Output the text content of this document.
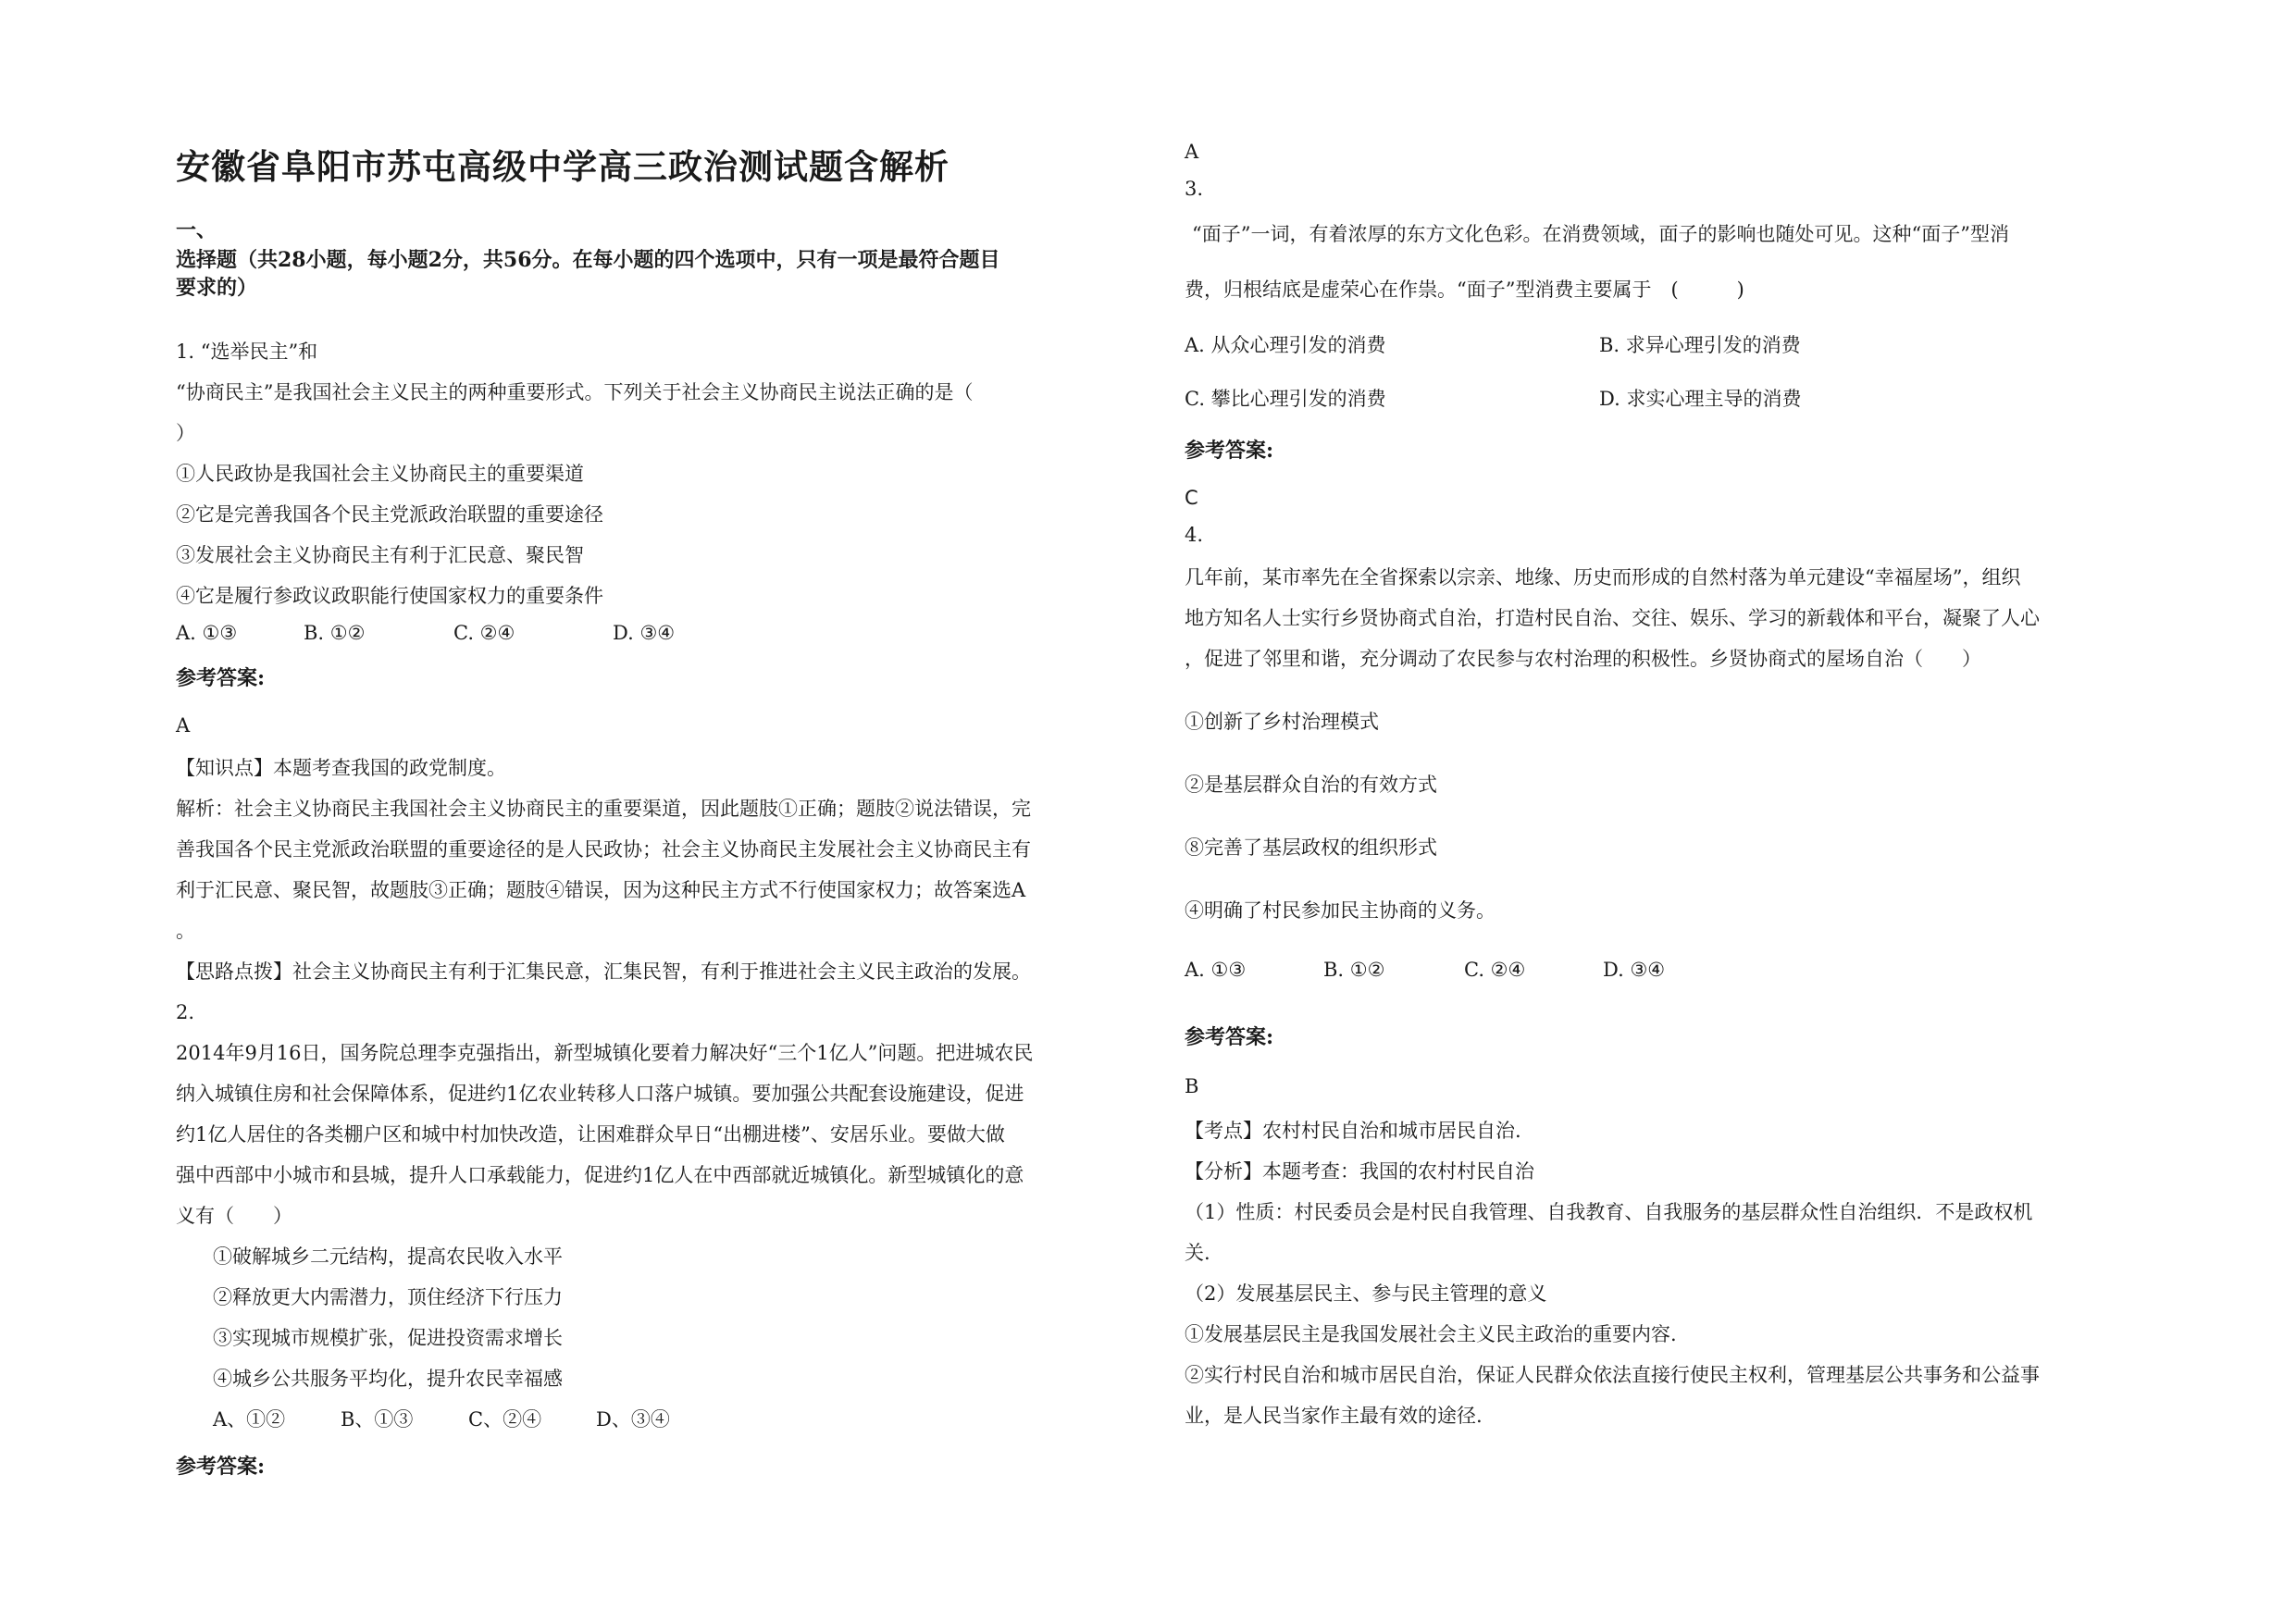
安徽省阜阳市苏屯高级中学高三政治测试题含解析
一、
选择题（共28小题，每小题2分，共56分。在每小题的四个选项中，只有一项是最符合题目
要求的）
1. “选举民主”和
“协商民主”是我国社会主义民主的两种重要形式。下列关于社会主义协商民主说法正确的是（
）
①人民政协是我国社会主义协商民主的重要渠道
②它是完善我国各个民主党派政治联盟的重要途径
③发展社会主义协商民主有利于汇民意、聚民智
④它是履行参政议政职能行使国家权力的重要条件
A. ①③	B. ①②	C. ②④	D. ③④
参考答案:
A
【知识点】本题考查我国的政党制度。
解析：社会主义协商民主我国社会主义协商民主的重要渠道，因此题肢①正确；题肢②说法错误，完
善我国各个民主党派政治联盟的重要途径的是人民政协；社会主义协商民主发展社会主义协商民主有
利于汇民意、聚民智，故题肢③正确；题肢④错误，因为这种民主方式不行使国家权力；故答案选A
。
【思路点拨】社会主义协商民主有利于汇集民意，汇集民智，有利于推进社会主义民主政治的发展。
2.
2014年9月16日，国务院总理李克强指出，新型城镇化要着力解决好“三个1亿人”问题。把进城农民
纳入城镇住房和社会保障体系，促进约1亿农业转移人口落户城镇。要加强公共配套设施建设，促进
约1亿人居住的各类棚户区和城中村加快改造，让困难群众早日“出棚进楼”、安居乐业。要做大做
强中西部中小城市和县城，提升人口承载能力，促进约1亿人在中西部就近城镇化。新型城镇化的意
义有（　　）
①破解城乡二元结构，提高农民收入水平
②释放更大内需潜力，顶住经济下行压力
③实现城市规模扩张，促进投资需求增长
④城乡公共服务平均化，提升农民幸福感
A、①②	B、①③	C、②④	D、③④
参考答案:
A
3.
“面子”一词，有着浓厚的东方文化色彩。在消费领域，面子的影响也随处可见。这种“面子”型消
费，归根结底是虚荣心在作祟。“面子”型消费主要属于　(　　　)
A. 从众心理引发的消费	B. 求异心理引发的消费
C. 攀比心理引发的消费	D. 求实心理主导的消费
参考答案:
C
4.
几年前，某市率先在全省探索以宗亲、地缘、历史而形成的自然村落为单元建设“幸福屋场”，组织
地方知名人士实行乡贤协商式自治，打造村民自治、交往、娱乐、学习的新载体和平台，凝聚了人心
，促进了邻里和谐，充分调动了农民参与农村治理的积极性。乡贤协商式的屋场自治（　　）
①创新了乡村治理模式
②是基层群众自治的有效方式
⑧完善了基层政权的组织形式
④明确了村民参加民主协商的义务。
A. ①③	B. ①②	C. ②④	D. ③④
参考答案:
B
【考点】农村村民自治和城市居民自治.
【分析】本题考查：我国的农村村民自治
（1）性质：村民委员会是村民自我管理、自我教育、自我服务的基层群众性自治组织．不是政权机
关.
（2）发展基层民主、参与民主管理的意义
①发展基层民主是我国发展社会主义民主政治的重要内容.
②实行村民自治和城市居民自治，保证人民群众依法直接行使民主权利，管理基层公共事务和公益事
业，是人民当家作主最有效的途径.
